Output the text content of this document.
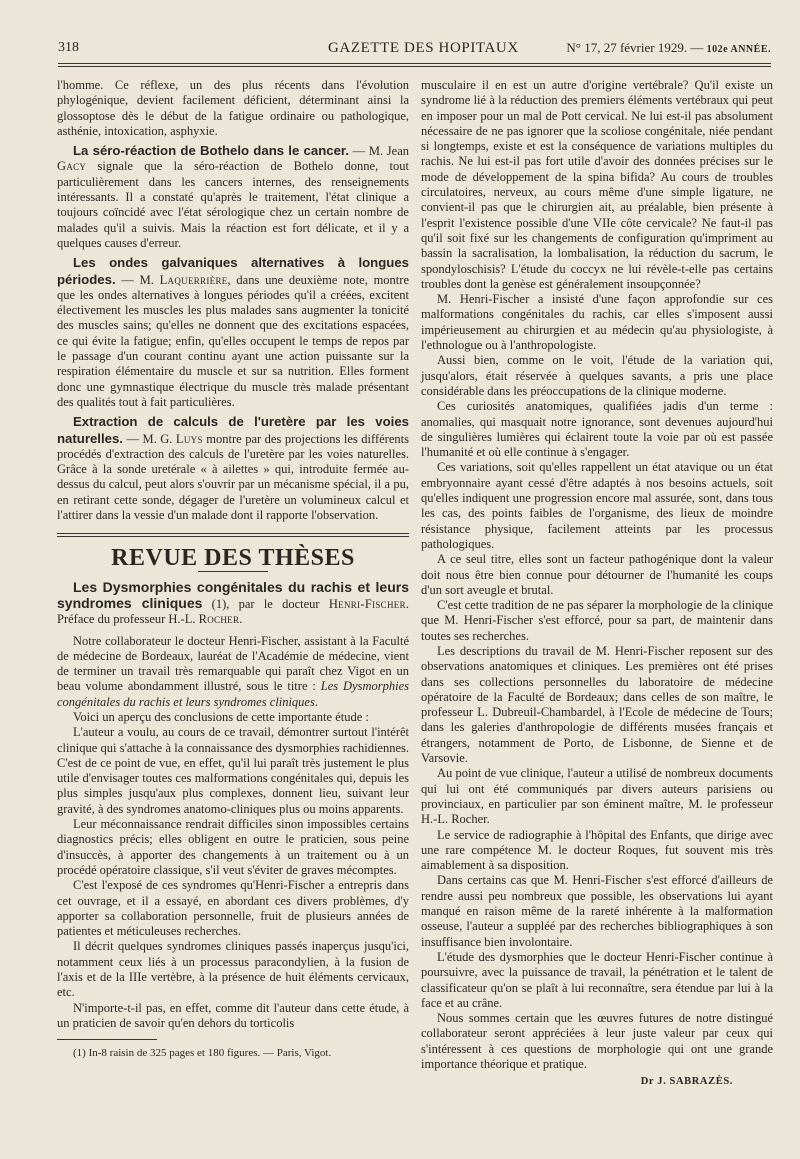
318	GAZETTE DES HOPITAUX	N° 17, 27 février 1929. — 102e ANNÉE.

l'homme. Ce réflexe, un des plus récents dans l'évolution phylogénique, devient facilement déficient, déterminant ainsi la glossoptose dès le début de la fatigue ordinaire ou pathologique, asthénie, intoxication, asphyxie.

La séro-réaction de Bothelo dans le cancer. — M. Jean Gacy signale que la séro-réaction de Bothelo donne, tout particulièrement dans les cancers internes, des renseignements intéressants. Il a constaté qu'après le traitement, l'état clinique a toujours coïncidé avec l'état sérologique chez un certain nombre de malades qu'il a suivis. Mais la réaction est fort délicate, et il y a quelques causes d'erreur.

Les ondes galvaniques alternatives à longues périodes. — M. Laquerrière, dans une deuxième note, montre que les ondes alternatives à longues périodes qu'il a créées, excitent électivement les muscles les plus malades sans augmenter la tonicité des muscles sains; qu'elles ne donnent que des excitations espacées, ce qui évite la fatigue; enfin, qu'elles occupent le temps de repos par le passage d'un courant continu ayant une action puissante sur la respiration élémentaire du muscle et sur sa nutrition. Elles forment donc une gymnastique électrique du muscle très malade présentant des qualités tout à fait particulières.

Extraction de calculs de l'uretère par les voies naturelles. — M. G. Luys montre par des projections les différents procédés d'extraction des calculs de l'uretère par les voies naturelles. Grâce à la sonde uretérale « à ailettes » qui, introduite fermée au-dessus du calcul, peut alors s'ouvrir par un mécanisme spécial, il a pu, en retirant cette sonde, dégager de l'uretère un volumineux calcul et l'attirer dans la vessie d'un malade dont il rapporte l'observation.

REVUE DES THÈSES

Les Dysmorphies congénitales du rachis et leurs syndromes cliniques (1), par le docteur Henri-Fischer. Préface du professeur H.-L. Rocher.

Notre collaborateur le docteur Henri-Fischer, assistant à la Faculté de médecine de Bordeaux, lauréat de l'Académie de médecine, vient de terminer un travail très remarquable qui paraît chez Vigot en un beau volume abondamment illustré, sous le titre : Les Dysmorphies congénitales du rachis et leurs syndromes cliniques.

Voici un aperçu des conclusions de cette importante étude :

L'auteur a voulu, au cours de ce travail, démontrer surtout l'intérêt clinique qui s'attache à la connaissance des dysmorphies rachidiennes. C'est de ce point de vue, en effet, qu'il lui paraît très justement le plus utile d'envisager toutes ces malformations congénitales qui, depuis les plus simples jusqu'aux plus complexes, donnent lieu, suivant leur gravité, à des syndromes anatomo-cliniques plus ou moins apparents.

Leur méconnaissance rendrait difficiles sinon impossibles certains diagnostics précis; elles obligent en outre le praticien, sous peine d'insuccès, à apporter des changements à un traitement ou à un procédé opératoire classique, s'il veut s'éviter de graves mécomptes.

C'est l'exposé de ces syndromes qu'Henri-Fischer a entrepris dans cet ouvrage, et il a essayé, en abordant ces divers problèmes, d'y apporter sa collaboration personnelle, fruit de plusieurs années de patientes et méticuleuses recherches.

Il décrit quelques syndromes cliniques passés inaperçus jusqu'ici, notamment ceux liés à un processus paracondylien, à la fusion de l'axis et de la IIIe vertèbre, à la présence de huit éléments cervicaux, etc.

N'importe-t-il pas, en effet, comme dit l'auteur dans cette étude, à un praticien de savoir qu'en dehors du torticolis

(1) In-8 raisin de 325 pages et 180 figures. — Paris, Vigot.

musculaire il en est un autre d'origine vertébrale? Qu'il existe un syndrome lié à la réduction des premiers éléments vertébraux qui peut en imposer pour un mal de Pott cervical. Ne lui est-il pas absolument nécessaire de ne pas ignorer que la scoliose congénitale, niée pendant si longtemps, existe et est la conséquence de variations multiples du rachis. Ne lui est-il pas fort utile d'avoir des données précises sur le mode de développement de la spina bifida? Au cours de troubles circulatoires, nerveux, au cours même d'une simple ligature, ne convient-il pas que le chirurgien ait, au préalable, bien présente à l'esprit l'existence possible d'une VIIe côte cervicale? Ne faut-il pas qu'il soit fixé sur les changements de configuration qu'impriment au bassin la sacralisation, la lombalisation, la réduction du sacrum, le spondyloschisis? L'étude du coccyx ne lui révèle-t-elle pas certains troubles dont la genèse est généralement insoupçonnée?

M. Henri-Fischer a insisté d'une façon approfondie sur ces malformations congénitales du rachis, car elles s'imposent aussi impérieusement au chirurgien et au médecin qu'au physiologiste, à l'ethnologue ou à l'anthropologiste.

Aussi bien, comme on le voit, l'étude de la variation qui, jusqu'alors, était réservée à quelques savants, a pris une place considérable dans les préoccupations de la clinique moderne.

Ces curiosités anatomiques, qualifiées jadis d'un terme : anomalies, qui masquait notre ignorance, sont devenues aujourd'hui de singulières lumières qui éclairent toute la voie par où est passée l'humanité et où elle continue à s'engager.

Ces variations, soit qu'elles rappellent un état atavique ou un état embryonnaire ayant cessé d'être adaptés à nos besoins actuels, soit qu'elles indiquent une progression encore mal assurée, sont, dans tous les cas, des points faibles de l'organisme, des lieux de moindre résistance physique, facilement atteints par les processus pathologiques.

A ce seul titre, elles sont un facteur pathogénique dont la valeur doit nous être bien connue pour détourner de l'humanité les coups d'un sort aveugle et brutal.

C'est cette tradition de ne pas séparer la morphologie de la clinique que M. Henri-Fischer s'est efforcé, pour sa part, de maintenir dans toutes ses recherches.

Les descriptions du travail de M. Henri-Fischer reposent sur des observations anatomiques et cliniques. Les premières ont été prises dans ses collections personnelles du laboratoire de médecine opératoire de la Faculté de Bordeaux; dans celles de son maître, le professeur L. Dubreuil-Chambardel, à l'Ecole de médecine de Tours; dans les galeries d'anthropologie de différents musées français et étrangers, notamment de Porto, de Lisbonne, de Sienne et de Varsovie.

Au point de vue clinique, l'auteur a utilisé de nombreux documents qui lui ont été communiqués par divers auteurs parisiens ou provinciaux, en particulier par son éminent maître, M. le professeur H.-L. Rocher.

Le service de radiographie à l'hôpital des Enfants, que dirige avec une rare compétence M. le docteur Roques, fut souvent mis très aimablement à sa disposition.

Dans certains cas que M. Henri-Fischer s'est efforcé d'ailleurs de rendre aussi peu nombreux que possible, les observations lui ayant manqué en raison même de la rareté inhérente à la malformation osseuse, l'auteur a suppléé par des recherches bibliographiques à son insuffisance bien involontaire.

L'étude des dysmorphies que le docteur Henri-Fischer continue à poursuivre, avec la puissance de travail, la pénétration et le talent de classificateur qu'on se plaît à lui reconnaître, sera étendue par lui à la face et au crâne.

Nous sommes certain que les œuvres futures de notre distingué collaborateur seront appréciées à leur juste valeur par ceux qui s'intéressent à ces questions de morphologie qui ont une grande importance théorique et pratique.

Dr J. SABRAZÈS.
